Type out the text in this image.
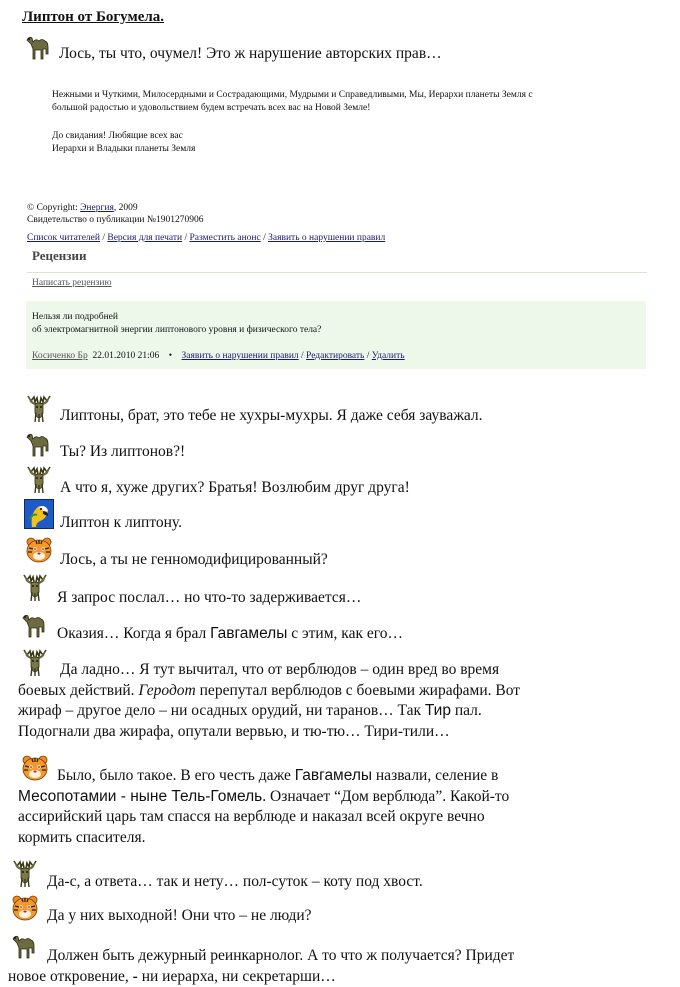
Липтон от Богумела.
Лось, ты что, очумел! Это ж нарушение авторских прав…
Нежными и Чуткими, Милосердными и Сострадающими, Мудрыми и Справедливыми, Мы, Иерархи планеты Земля с
большой радостью и удовольствием будем встречать всех вас на Новой Земле!
До свидания! Любящие всех вас
Иерархи и Владыки планеты Земля
© Copyright: Энергия, 2009
Свидетельство о публикации №1901270906
Список читателей / Версия для печати / Разместить анонс / Заявить о нарушении правил
Рецензии
Написать рецензию
Нельзя ли подробней
об электромагнитной энергии липтонового уровня и физического тела?
Косиченко Бр 22.01.2010 21:06 • Заявить о нарушении правил / Редактировать / Удалить
Липтоны, брат, это тебе не хухры-мухры. Я даже себя зауважал.
Ты? Из липтонов?!
А что я, хуже других? Братья! Возлюбим друг друга!
Липтон к липтону.
Лось, а ты не генномодифицированный?
Я запрос послал… но что-то задерживается…
Оказия… Когда я брал Гавгамелы с этим, как его…
Да ладно… Я тут вычитал, что от верблюдов – один вред во время
боевых действий. Геродот перепутал верблюдов с боевыми жирафами. Вот
жираф – другое дело – ни осадных орудий, ни таранов… Так Тир пал.
Подогнали два жирафа, опутали вервью, и тю-тю… Тири-тили…
Было, было такое. В его честь даже Гавгамелы назвали, селение в
Месопотамии - ныне Тель-Гомель. Означает “Дом верблюда”. Какой-то
ассирийский царь там спасся на верблюде и наказал всей округе вечно
кормить спасителя.
Да-с, а ответа… так и нету… пол-суток – коту под хвост.
Да у них выходной! Они что – не люди?
Должен быть дежурный реинкарнолог. А то что ж получается? Придет
новое откровение, - ни иерарха, ни секретарши…
